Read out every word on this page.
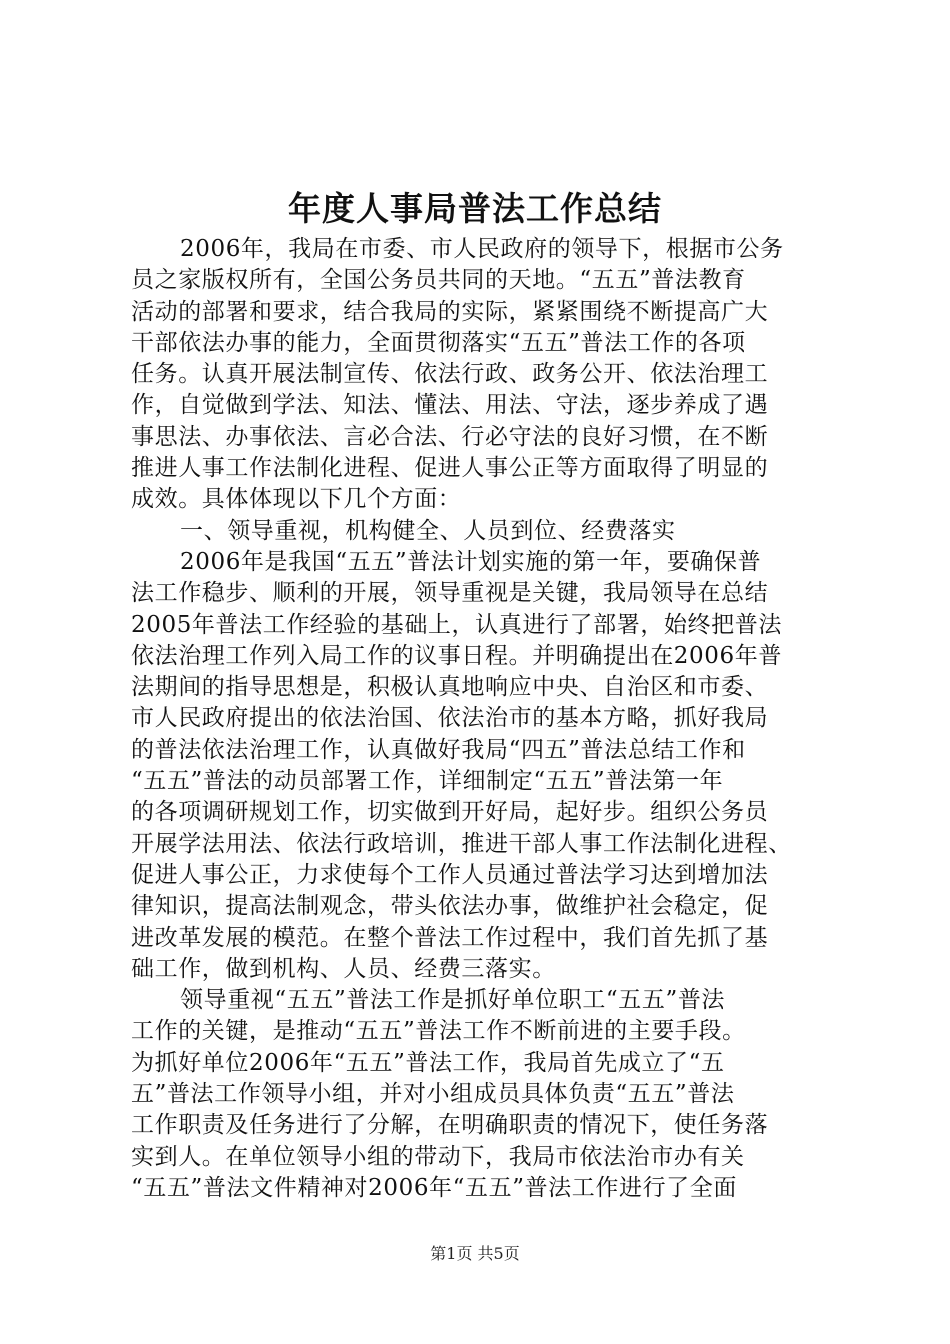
年度人事局普法工作总结
2006年，我局在市委、市人民政府的领导下，根据市公务
员之家版权所有，全国公务员共同的天地。“五五”普法教育
活动的部署和要求，结合我局的实际，紧紧围绕不断提高广大
干部依法办事的能力，全面贯彻落实“五五”普法工作的各项
任务。认真开展法制宣传、依法行政、政务公开、依法治理工
作，自觉做到学法、知法、懂法、用法、守法，逐步养成了遇
事思法、办事依法、言必合法、行必守法的良好习惯，在不断
推进人事工作法制化进程、促进人事公正等方面取得了明显的
成效。具体体现以下几个方面：
一、领导重视，机构健全、人员到位、经费落实
2006年是我国“五五”普法计划实施的第一年，要确保普
法工作稳步、顺利的开展，领导重视是关键，我局领导在总结
2005年普法工作经验的基础上，认真进行了部署，始终把普法
依法治理工作列入局工作的议事日程。并明确提出在2006年普
法期间的指导思想是，积极认真地响应中央、自治区和市委、
市人民政府提出的依法治国、依法治市的基本方略，抓好我局
的普法依法治理工作，认真做好我局“四五”普法总结工作和
“五五”普法的动员部署工作，详细制定“五五”普法第一年
的各项调研规划工作，切实做到开好局，起好步。组织公务员
开展学法用法、依法行政培训，推进干部人事工作法制化进程、
促进人事公正，力求使每个工作人员通过普法学习达到增加法
律知识，提高法制观念，带头依法办事，做维护社会稳定，促
进改革发展的模范。在整个普法工作过程中，我们首先抓了基
础工作，做到机构、人员、经费三落实。
领导重视“五五”普法工作是抓好单位职工“五五”普法
工作的关键，是推动“五五”普法工作不断前进的主要手段。
为抓好单位2006年“五五”普法工作，我局首先成立了“五
五”普法工作领导小组，并对小组成员具体负责“五五”普法
工作职责及任务进行了分解，在明确职责的情况下，使任务落
实到人。在单位领导小组的带动下，我局市依法治市办有关
“五五”普法文件精神对2006年“五五”普法工作进行了全面
第1页 共5页
